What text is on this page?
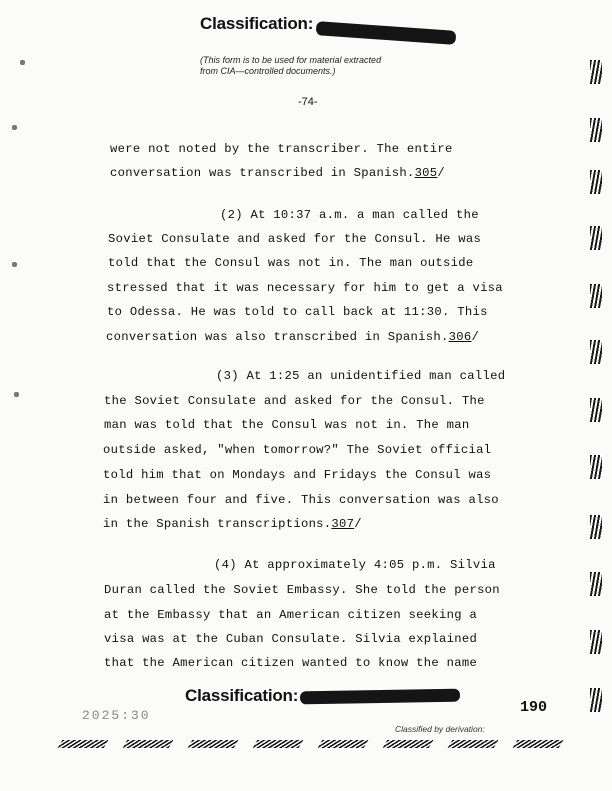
Classification:
(This form is to be used for material extracted
from CIA—controlled documents.)
-74-
were not noted by the transcriber. The entire
conversation was transcribed in Spanish.305/
(2) At 10:37 a.m. a man called the
Soviet Consulate and asked for the Consul. He was
told that the Consul was not in. The man outside
stressed that it was necessary for him to get a visa
to Odessa. He was told to call back at 11:30. This
conversation was also transcribed in Spanish.306/
(3) At 1:25 an unidentified man called
the Soviet Consulate and asked for the Consul. The
man was told that the Consul was not in. The man
outside asked, "when tomorrow?" The Soviet official
told him that on Mondays and Fridays the Consul was
in between four and five. This conversation was also
in the Spanish transcriptions.307/
(4) At approximately 4:05 p.m. Silvia
Duran called the Soviet Embassy. She told the person
at the Embassy that an American citizen seeking a
visa was at the Cuban Consulate. Silvia explained
that the American citizen wanted to know the name
Classification:
2025:30	190
Classified by derivation:
